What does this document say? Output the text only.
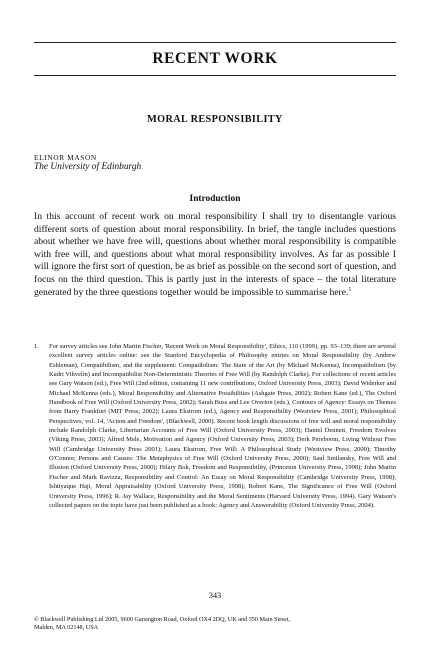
RECENT WORK
MORAL RESPONSIBILITY
ELINOR MASON
The University of Edinburgh
Introduction
In this account of recent work on moral responsibility I shall try to disentangle various different sorts of question about moral responsibility. In brief, the tangle includes questions about whether we have free will, questions about whether moral responsibility is compatible with free will, and questions about what moral responsibility involves. As far as possible I will ignore the first sort of question, be as brief as possible on the second sort of question, and focus on the third question. This is partly just in the interests of space – the total literature generated by the three questions together would be impossible to summarise here.$^1$
1. For survey articles see John Martin Fischer, 'Recent Work on Moral Responsibility', Ethics, 110 (1999), pp. 93–139; there are several excellent survey articles online: see the Stanford Encyclopedia of Philosophy entries on Moral Responsibility (by Andrew Eshleman), Compatibilism, and the supplement: Compatibilism: The State of the Art (by Michael McKenna), Incompatibilism (by Kadri Vihvelin) and Incompatibilist Non-Deterministic Theories of Free Will (by Randolph Clarke). For collections of recent articles see Gary Watson (ed.), Free Will (2nd edition, containing 11 new contributions, Oxford University Press, 2003); David Widerker and Michael McKenna (eds.), Moral Responsibility and Alternative Possibilities (Ashgate Press, 2002); Robert Kane (ed.), The Oxford Handbook of Free Will (Oxford University Press, 2002); Sarah Buss and Lee Overton (eds.), Contours of Agency: Essays on Themes from Harry Frankfurt (MIT Press, 2002); Laura Ekstrom (ed.), Agency and Responsibility (Westview Press, 2001); Philosophical Perspectives, vol. 14, 'Action and Freedom', (Blackwell, 2000). Recent book length discussions of free will and moral responsibility include Randolph Clarke, Libertarian Accounts of Free Will (Oxford University Press, 2003); Daniel Dennett, Freedom Evolves (Viking Press, 2003); Alfred Mele, Motivation and Agency (Oxford University Press, 2003); Derk Pereboom, Living Without Free Will (Cambridge University Press 2001); Laura Ekstrom, Free Will: A Philosophical Study (Westview Press, 2000); Timothy O'Connor, Persons and Causes: The Metaphysics of Free Will (Oxford University Press, 2000); Saul Smilansky, Free Will and Illusion (Oxford University Press, 2000); Hilary Bok, Freedom and Responsibility, (Princeton University Press, 1998); John Martin Fischer and Mark Ravizza, Responsibility and Control: An Essay on Moral Responsibility (Cambridge University Press, 1998); Ishtiyaque Haji, Moral Appraisability (Oxford University Press, 1998); Robert Kane, The Significance of Free Will (Oxford University Press, 1996); R. Jay Wallace, Responsibility and the Moral Sentiments (Harvard University Press, 1994). Gary Watson's collected papers on the topic have just been published as a book: Agency and Answerability (Oxford University Press, 2004).
343
© Blackwell Publishing Ltd 2005, 9600 Garsington Road, Oxford OX4 2DQ, UK and 350 Main Street,
Malden, MA 02148, USA
